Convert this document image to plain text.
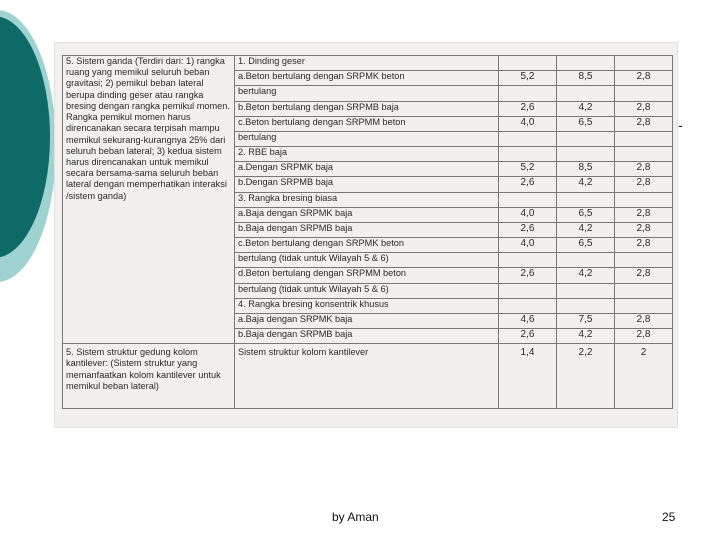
-
5. Sistem ganda (Terdiri dari: 1) rangka ruang yang memikul seluruh beban gravitasi; 2) pemikul beban lateral berupa dinding geser atau rangka bresing dengan rangka pemikul momen. Rangka pemikul momen harus direncanakan secara terpisah mampu memikul sekurang-kurangnya 25% dari seluruh beban lateral; 3) kedua sistem harus direncanakan untuk memikul secara bersama-sama seluruh beban lateral dengan memperhatikan interaksi /sistem ganda)	1. Dinding geser			
	a.Beton bertulang dengan SRPMK beton	5,2	8,5	2,8
	bertulang			
	b.Beton bertulang dengan SRPMB baja	2,6	4,2	2,8
	c.Beton bertulang dengan SRPMM beton	4,0	6,5	2,8
	bertulang			
	2. RBE baja			
	a.Dengan SRPMK baja	5,2	8,5	2,8
	b.Dengan SRPMB baja	2,6	4,2	2,8
	3. Rangka bresing biasa			
	a.Baja dengan SRPMK baja	4,0	6,5	2,8
	b.Baja dengan SRPMB baja	2,6	4,2	2,8
	c.Beton bertulang dengan SRPMK beton	4,0	6,5	2,8
	bertulang (tidak untuk Wilayah 5 & 6)			
	d.Beton bertulang dengan SRPMM beton	2,6	4,2	2,8
	bertulang (tidak untuk Wilayah 5 & 6)			
	4. Rangka bresing konsentrik khusus			
	a.Baja dengan SRPMK baja	4,6	7,5	2,8
	b.Baja dengan SRPMB baja	2,6	4,2	2,8
5. Sistem struktur gedung kolom kantilever: (Sistem struktur yang memanfaatkan kolom kantilever untuk memikul beban lateral)	Sistem struktur kolom kantilever	1,4	2,2	2
by Aman	25
